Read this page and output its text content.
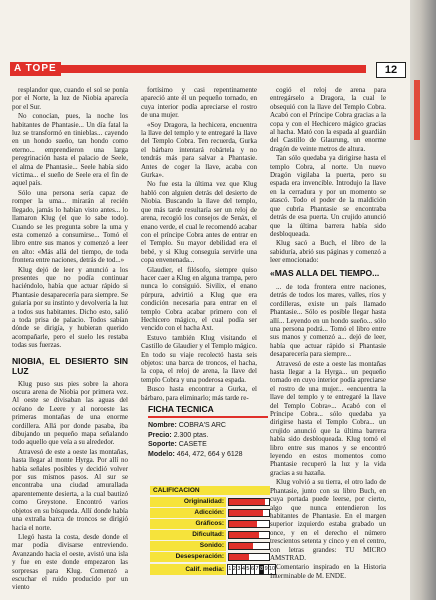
A TOPE	12

resplandor que, cuando el sol se ponía por el Norte, la luz de Niobia aparecía por el Sur.

No conocían, pues, la noche los habitantes de Phantasie... Un día fatal la luz se transformó en tinieblas... cayendo en un hondo sueño, tan hondo como eterno... emprendieron una larga peregrinación hasta el palacio de Seele, el alma de Phantasie... Seele había sido víctima... el sueño de Seele era el fin de aquel país.

Sólo una persona sería capaz de romper la uma... mirarán al recién llegado, jamás lo habían visto antes... lo llamaron Klug (el que lo sabe todo). Cuando se les pregunta sobre la uma y esta comenzó a consumirse... Tomó el libro entre sus manos y comenzó a leer en alto: «Más allá del tiempo, de toda frontera entre naciones, detrás de tod...»

Klug dejó de leer y anunció a los presentes que no podía continuar haciéndolo, había que actuar rápido si Phantasie desaparecería para siempre. Se guiaría por su instinto y devolvería la luz a todos sus habitantes. Dicho esto, salió a toda prisa de palacio. Todos sabían dónde se dirigía, y hubieran querido acompañarle, pero el suelo les restaba todas sus fuerzas.

NIOBIA, EL DESIERTO SIN LUZ

Klug puso sus pies sobre la ahora oscura arena de Niobia por primera vez. Al oeste se divisaban las aguas del océano de Leere y al noroeste las primeras montañas de una enorme cordillera. Allá por donde pasaba, iba dibujando un pequeño mapa señalando todo aquello que veía a su alrededor.

Atravesó de este a oeste las montañas, hasta llegar al monte Hyrga. Por allí no había señales posibles y decidió volver por sus mismos pasos. Al sur se encontraba una ciudad amurallada aparentemente desierta, a la cual bautizó como Greystone. Encontró varios objetos en su búsqueda. Allí donde había una extraña barca de troncos se dirigió hacia el norte.

Llegó hasta la costa, desde donde el mar podía divisarse entreviendo. Avanzando hacia el oeste, avistó una isla y fue en este donde empezaron las sorpresas para Klug. Comenzó a escuchar el ruido producido por un viento

fortísimo y casi repentinamente apareció ante él un pequeño tornado, en cuya interior podía apreciarse el rostro de una mujer.

«Soy Dragora, la hechicera, encuentra la llave del templo y te entregaré la llave del Templo Cobra. Ten recuerda, Gurka el bárbaro intentará robártela y no tendrás más para salvar a Phantasie. Antes de coger la llave, acaba con Gurka».

No fue esta la última vez que Klug habló con alguien detrás del desierto de Niobia. Buscando la llave del templo, que más tarde resultaría ser un reloj de arena, recogió los consejos de Senáx, el enano verde, el cual le recomendó acabar con el príncipe Cobra antes de entrar en el Templo. Su mayor debilidad era el bebé, y si Klug conseguía servirle una copa envenenada...

Glaudier, el filósofo, siempre quiso hacer caer a Klug en alguna trampa, pero nunca lo consiguió. Sivilix, el enano púrpura, advirtió a Klug que era condición necesaria para entrar en el templo Cobra acabar primero con el Hechicero mágico, el cual podía ser vencido con el hacha Axt.

Estuvo también Klug visitando el Castillo de Glaudier y el Templo mágico. En todo su viaje recolectó hasta seis objetos: una barca de troncos, el hacha, la copa, el reloj de arena, la llave del templo Cobra y una poderosa espada.

Busco hasta encontrar a Gurka, el bárbaro, para eliminarlo; más tarde re-

FICHA TECNICA
Nombre: COBRA'S ARC
Precio: 2.300 ptas.
Soporte: CASETE
Modelo: 464, 472, 664 y 6128
CALIFICACION
Originalidad:
Adicción:
Gráficos:
Dificultad:
Sonido:
Desesperación:
Calif. media: 1 2 3 4 5 6 7 8 9 10

cogió el reloj de arena para entregárselo a Dragora, la cual le obsequió con la llave del Templo Cobra. Acabó con el Príncipe Cobra gracias a la copa y con el Hechicero mágico gracias al hacha. Mató con la espada al guardián del Castillo de Glaurung, un enorme dragón de veinte metros de altura.

Tan sólo quedaba ya dirigirse hasta el templo Cobra, al norte. Un nuevo Dragón vigilaba la puerta, pero su espada era invencible. Introdujo la llave en la cerradura y por un momento se atascó. Todo el poder de la maldición que cubría Phantasie se encontraba detrás de esa puerta. Un crujido anunció que la última barrera había sido desbloqueada.

Klug sacó a Buch, el libro de la sabiduría, abrió sus páginas y comenzó a leer emocionado:

«MAS ALLA DEL TIEMPO...

... de toda frontera entre naciones, detrás de todos los mares, valles, ríos y cordilleras, existe un país llamado Phantasie... Sólo es posible llegar hasta allí... Leyendo en un hondo sueño... sólo una persona podrá... Tomó el libro entre sus manos y comenzó a... dejó de leer, había que actuar rápido si Phantasie desaparecería para siempre...

Atravesó de este a oeste las montañas hasta llegar a la Hyrga... un pequeño tornado en cuyo interior podía apreciarse el rostro de una mujer... «encuentra la llave del templo y te entregaré la llave del Templo Cobra»... Acabó con el Príncipe Cobra... sólo quedaba ya dirigirse hasta el Templo Cobra... un crujido anunció que la última barrera había sido desbloqueada. Klug tomó el libro entre sus manos y se encontró leyendo en estos momentos como Phantasie recuperó la luz y la vida gracias a su hazaña.

Klug volvió a su tierra, el otro lado de Phantasie, junto con su libro Buch, en cuya portada puede leerse, por cierto, algo que nunca entendieron los habitantes de Phantasie. En el margen superior izquierdo estaba grabado un once, y en el derecho el número trescientos setenta y cinco y en el centro, con letras grandes: TU MICRO AMSTRAD.

Comentario inspirado en la Historia Interminable de M. ENDE.
